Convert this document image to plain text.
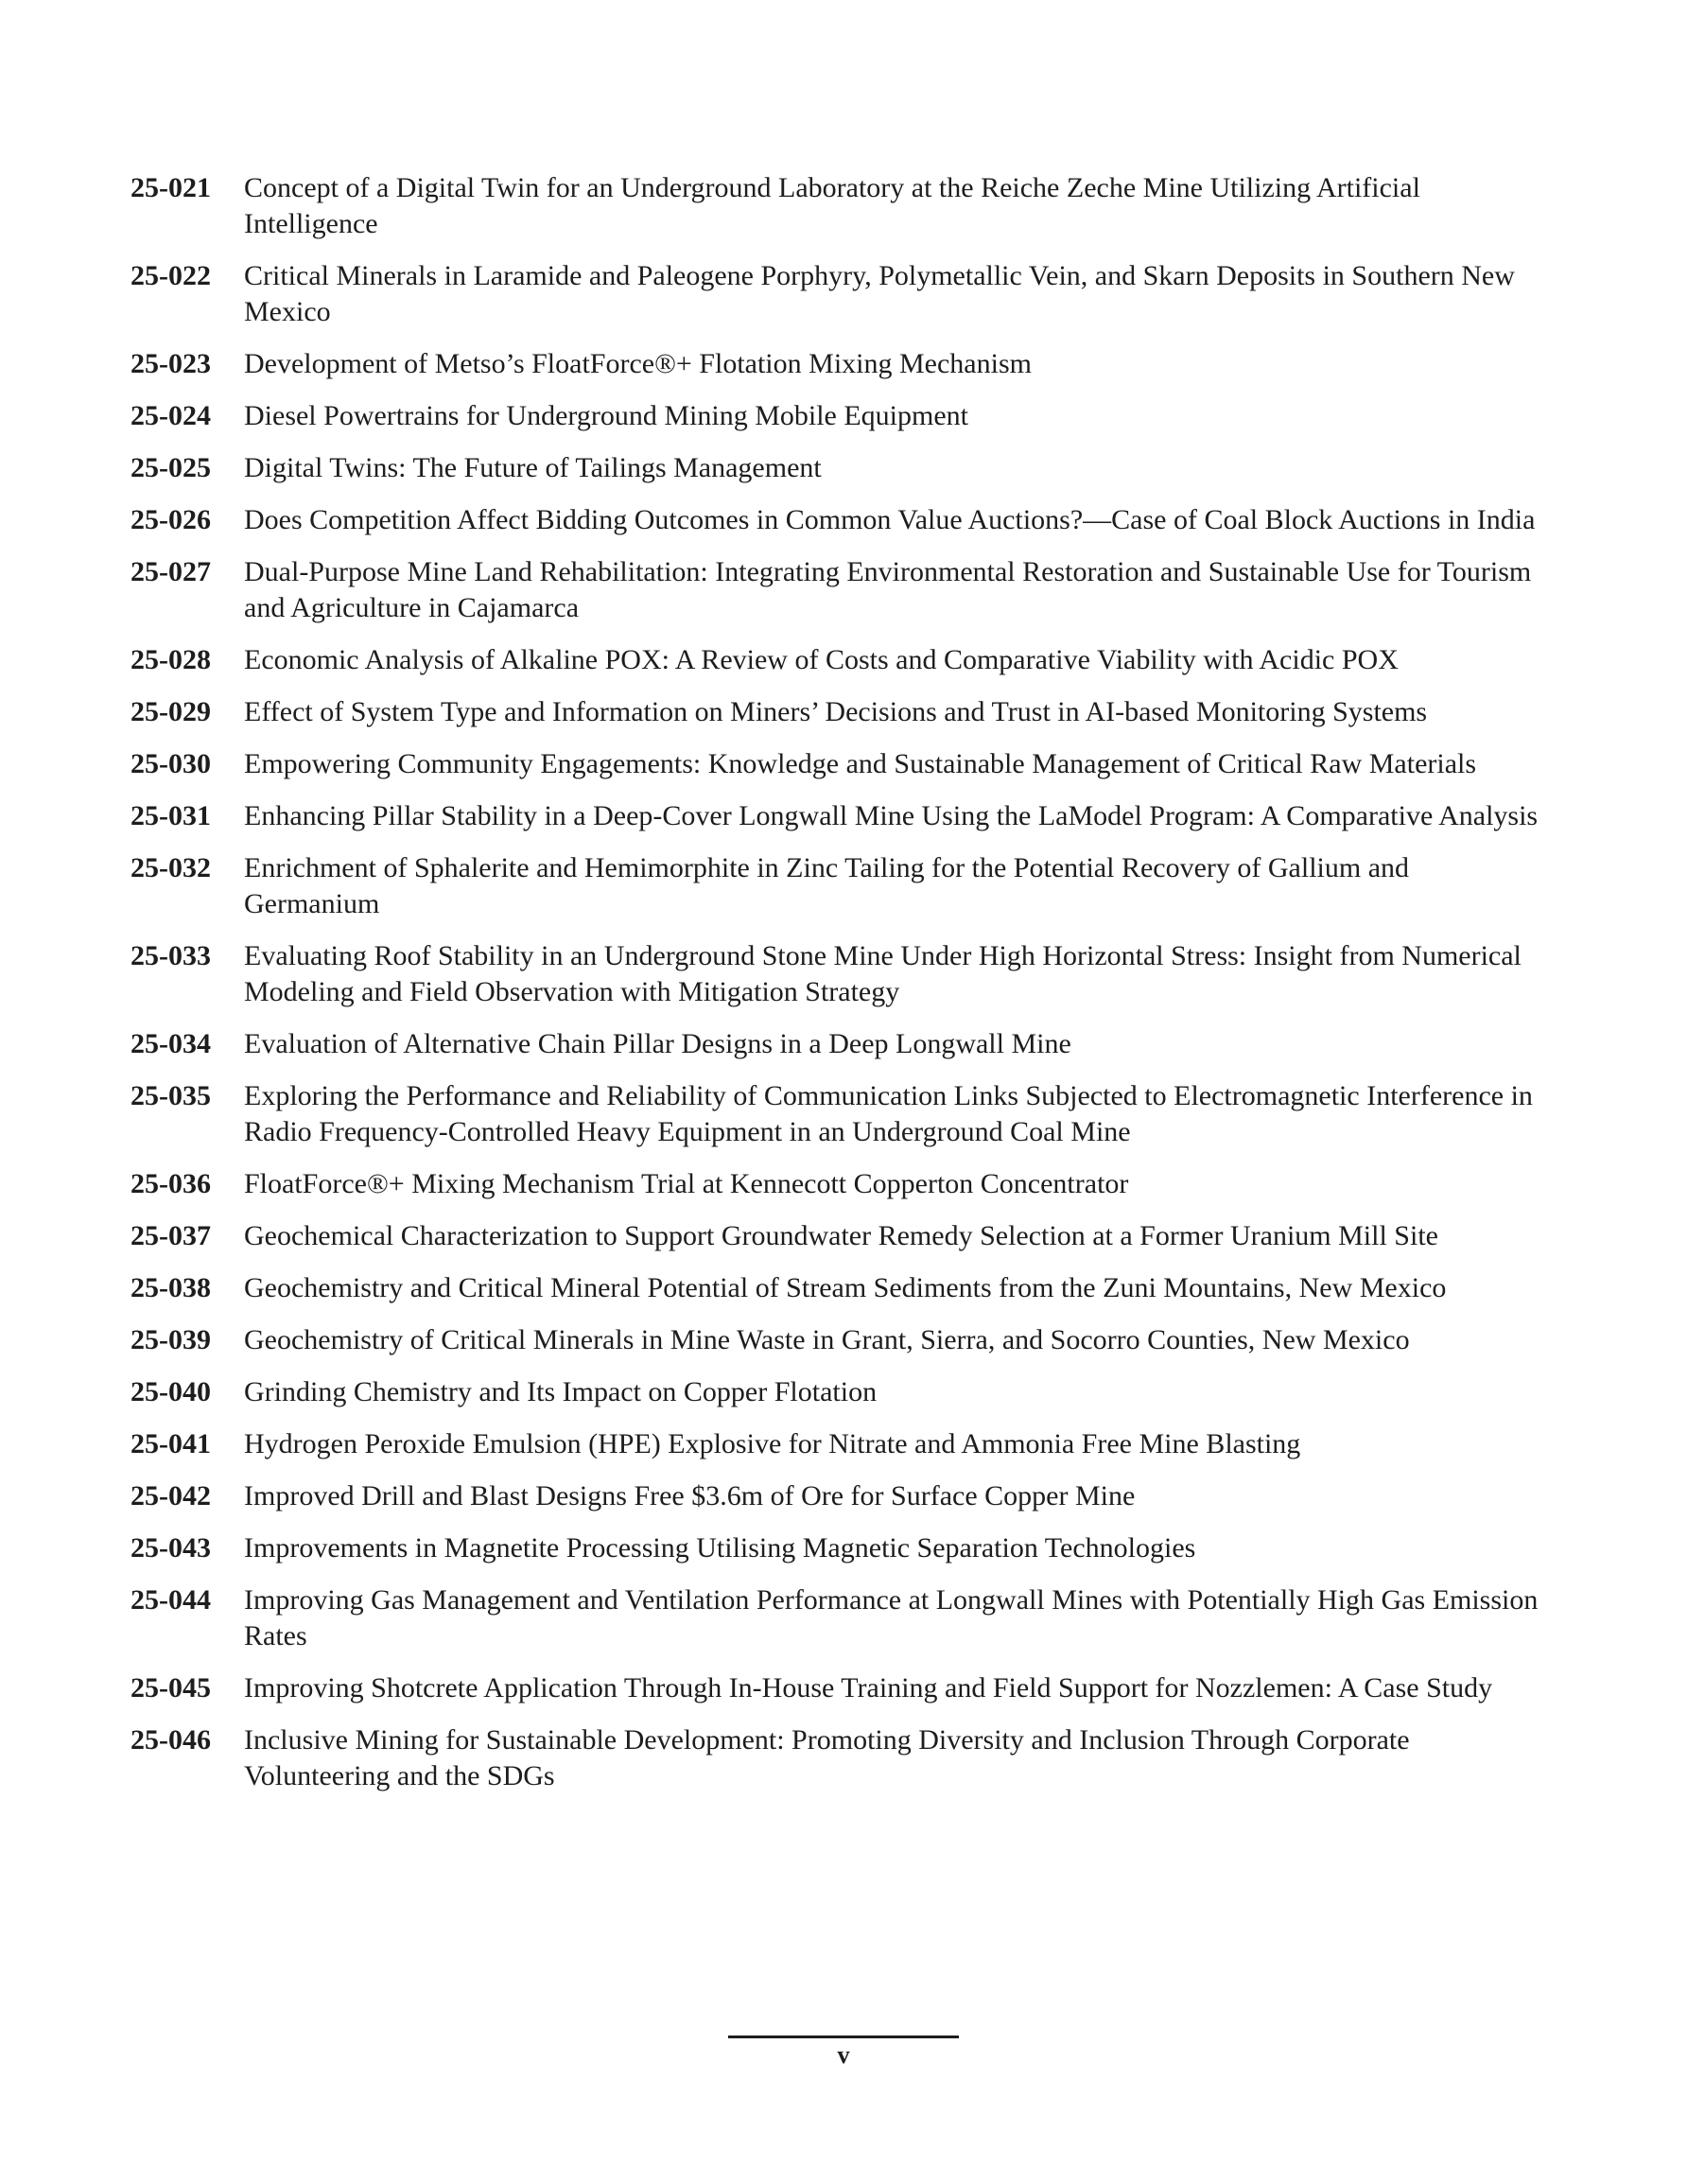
25-021	Concept of a Digital Twin for an Underground Laboratory at the Reiche Zeche Mine Utilizing Artificial Intelligence
25-022	Critical Minerals in Laramide and Paleogene Porphyry, Polymetallic Vein, and Skarn Deposits in Southern New Mexico
25-023	Development of Metso’s FloatForce®+ Flotation Mixing Mechanism
25-024	Diesel Powertrains for Underground Mining Mobile Equipment
25-025	Digital Twins: The Future of Tailings Management
25-026	Does Competition Affect Bidding Outcomes in Common Value Auctions?—Case of Coal Block Auctions in India
25-027	Dual-Purpose Mine Land Rehabilitation: Integrating Environmental Restoration and Sustainable Use for Tourism and Agriculture in Cajamarca
25-028	Economic Analysis of Alkaline POX: A Review of Costs and Comparative Viability with Acidic POX
25-029	Effect of System Type and Information on Miners’ Decisions and Trust in AI-based Monitoring Systems
25-030	Empowering Community Engagements: Knowledge and Sustainable Management of Critical Raw Materials
25-031	Enhancing Pillar Stability in a Deep-Cover Longwall Mine Using the LaModel Program: A Comparative Analysis
25-032	Enrichment of Sphalerite and Hemimorphite in Zinc Tailing for the Potential Recovery of Gallium and Germanium
25-033	Evaluating Roof Stability in an Underground Stone Mine Under High Horizontal Stress: Insight from Numerical Modeling and Field Observation with Mitigation Strategy
25-034	Evaluation of Alternative Chain Pillar Designs in a Deep Longwall Mine
25-035	Exploring the Performance and Reliability of Communication Links Subjected to Electromagnetic Interference in Radio Frequency-Controlled Heavy Equipment in an Underground Coal Mine
25-036	FloatForce®+ Mixing Mechanism Trial at Kennecott Copperton Concentrator
25-037	Geochemical Characterization to Support Groundwater Remedy Selection at a Former Uranium Mill Site
25-038	Geochemistry and Critical Mineral Potential of Stream Sediments from the Zuni Mountains, New Mexico
25-039	Geochemistry of Critical Minerals in Mine Waste in Grant, Sierra, and Socorro Counties, New Mexico
25-040	Grinding Chemistry and Its Impact on Copper Flotation
25-041	Hydrogen Peroxide Emulsion (HPE) Explosive for Nitrate and Ammonia Free Mine Blasting
25-042	Improved Drill and Blast Designs Free $3.6m of Ore for Surface Copper Mine
25-043	Improvements in Magnetite Processing Utilising Magnetic Separation Technologies
25-044	Improving Gas Management and Ventilation Performance at Longwall Mines with Potentially High Gas Emission Rates
25-045	Improving Shotcrete Application Through In-House Training and Field Support for Nozzlemen: A Case Study
25-046	Inclusive Mining for Sustainable Development: Promoting Diversity and Inclusion Through Corporate Volunteering and the SDGs
v
